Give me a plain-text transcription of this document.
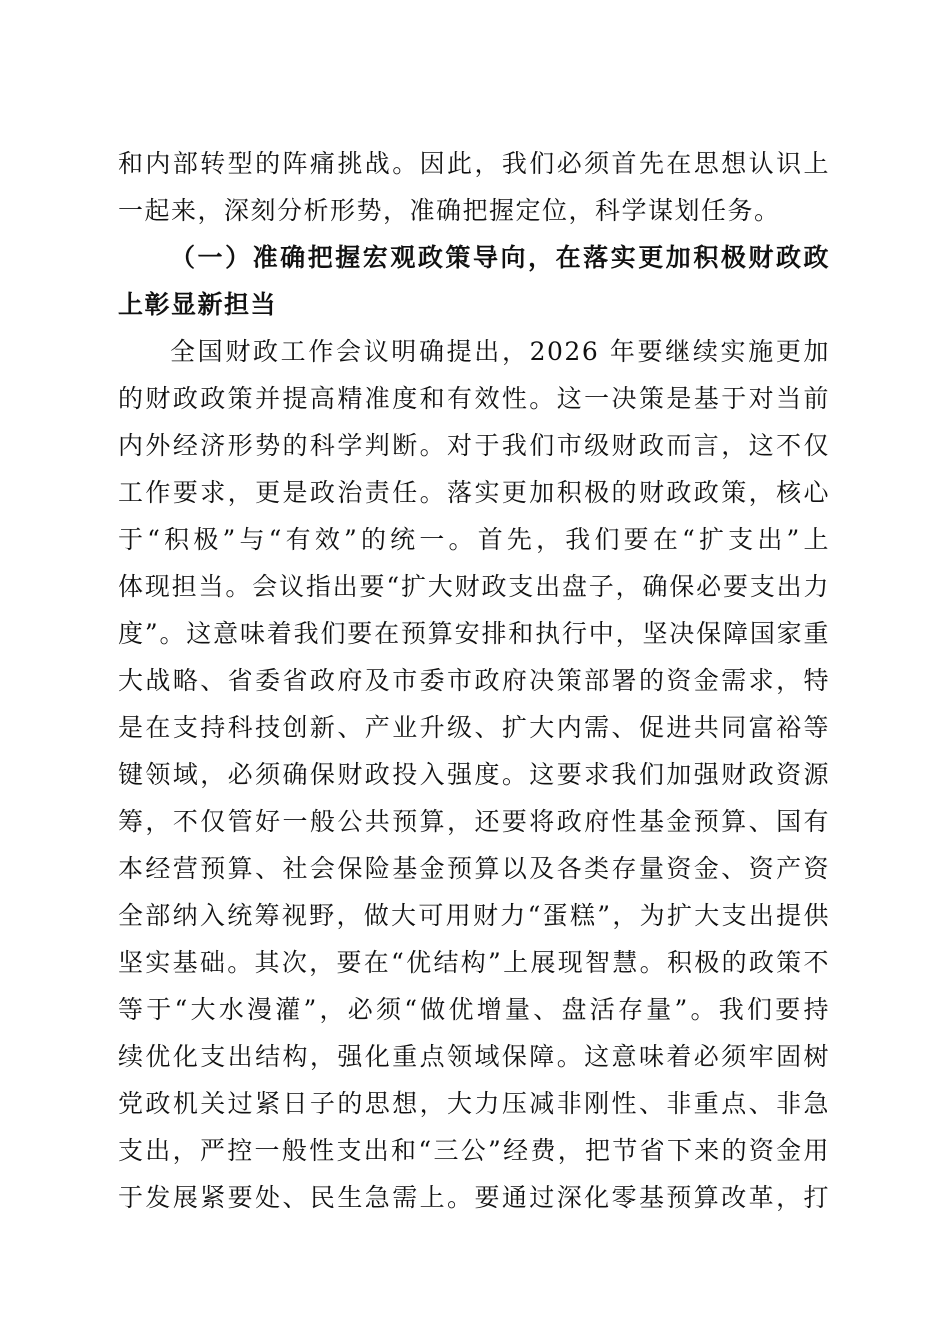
和内部转型的阵痛挑战。因此，我们必须首先在思想认识上
一起来，深刻分析形势，准确把握定位，科学谋划任务。
（一）准确把握宏观政策导向，在落实更加积极财政政
上彰显新担当
全国财政工作会议明确提出，2026 年要继续实施更加
的财政政策并提高精准度和有效性。这一决策是基于对当前
内外经济形势的科学判断。对于我们市级财政而言，这不仅
工作要求，更是政治责任。落实更加积极的财政政策，核心
于“积极”与“有效”的统一。首先，我们要在“扩支出”上
体现担当。会议指出要“扩大财政支出盘子，确保必要支出力
度”。这意味着我们要在预算安排和执行中，坚决保障国家重
大战略、省委省政府及市委市政府决策部署的资金需求，特
是在支持科技创新、产业升级、扩大内需、促进共同富裕等
键领域，必须确保财政投入强度。这要求我们加强财政资源
筹，不仅管好一般公共预算，还要将政府性基金预算、国有
本经营预算、社会保险基金预算以及各类存量资金、资产资
全部纳入统筹视野，做大可用财力“蛋糕”，为扩大支出提供
坚实基础。其次，要在“优结构”上展现智慧。积极的政策不
等于“大水漫灌”，必须“做优增量、盘活存量”。我们要持
续优化支出结构，强化重点领域保障。这意味着必须牢固树
党政机关过紧日子的思想，大力压减非刚性、非重点、非急
支出，严控一般性支出和“三公”经费，把节省下来的资金用
于发展紧要处、民生急需上。要通过深化零基预算改革，打
